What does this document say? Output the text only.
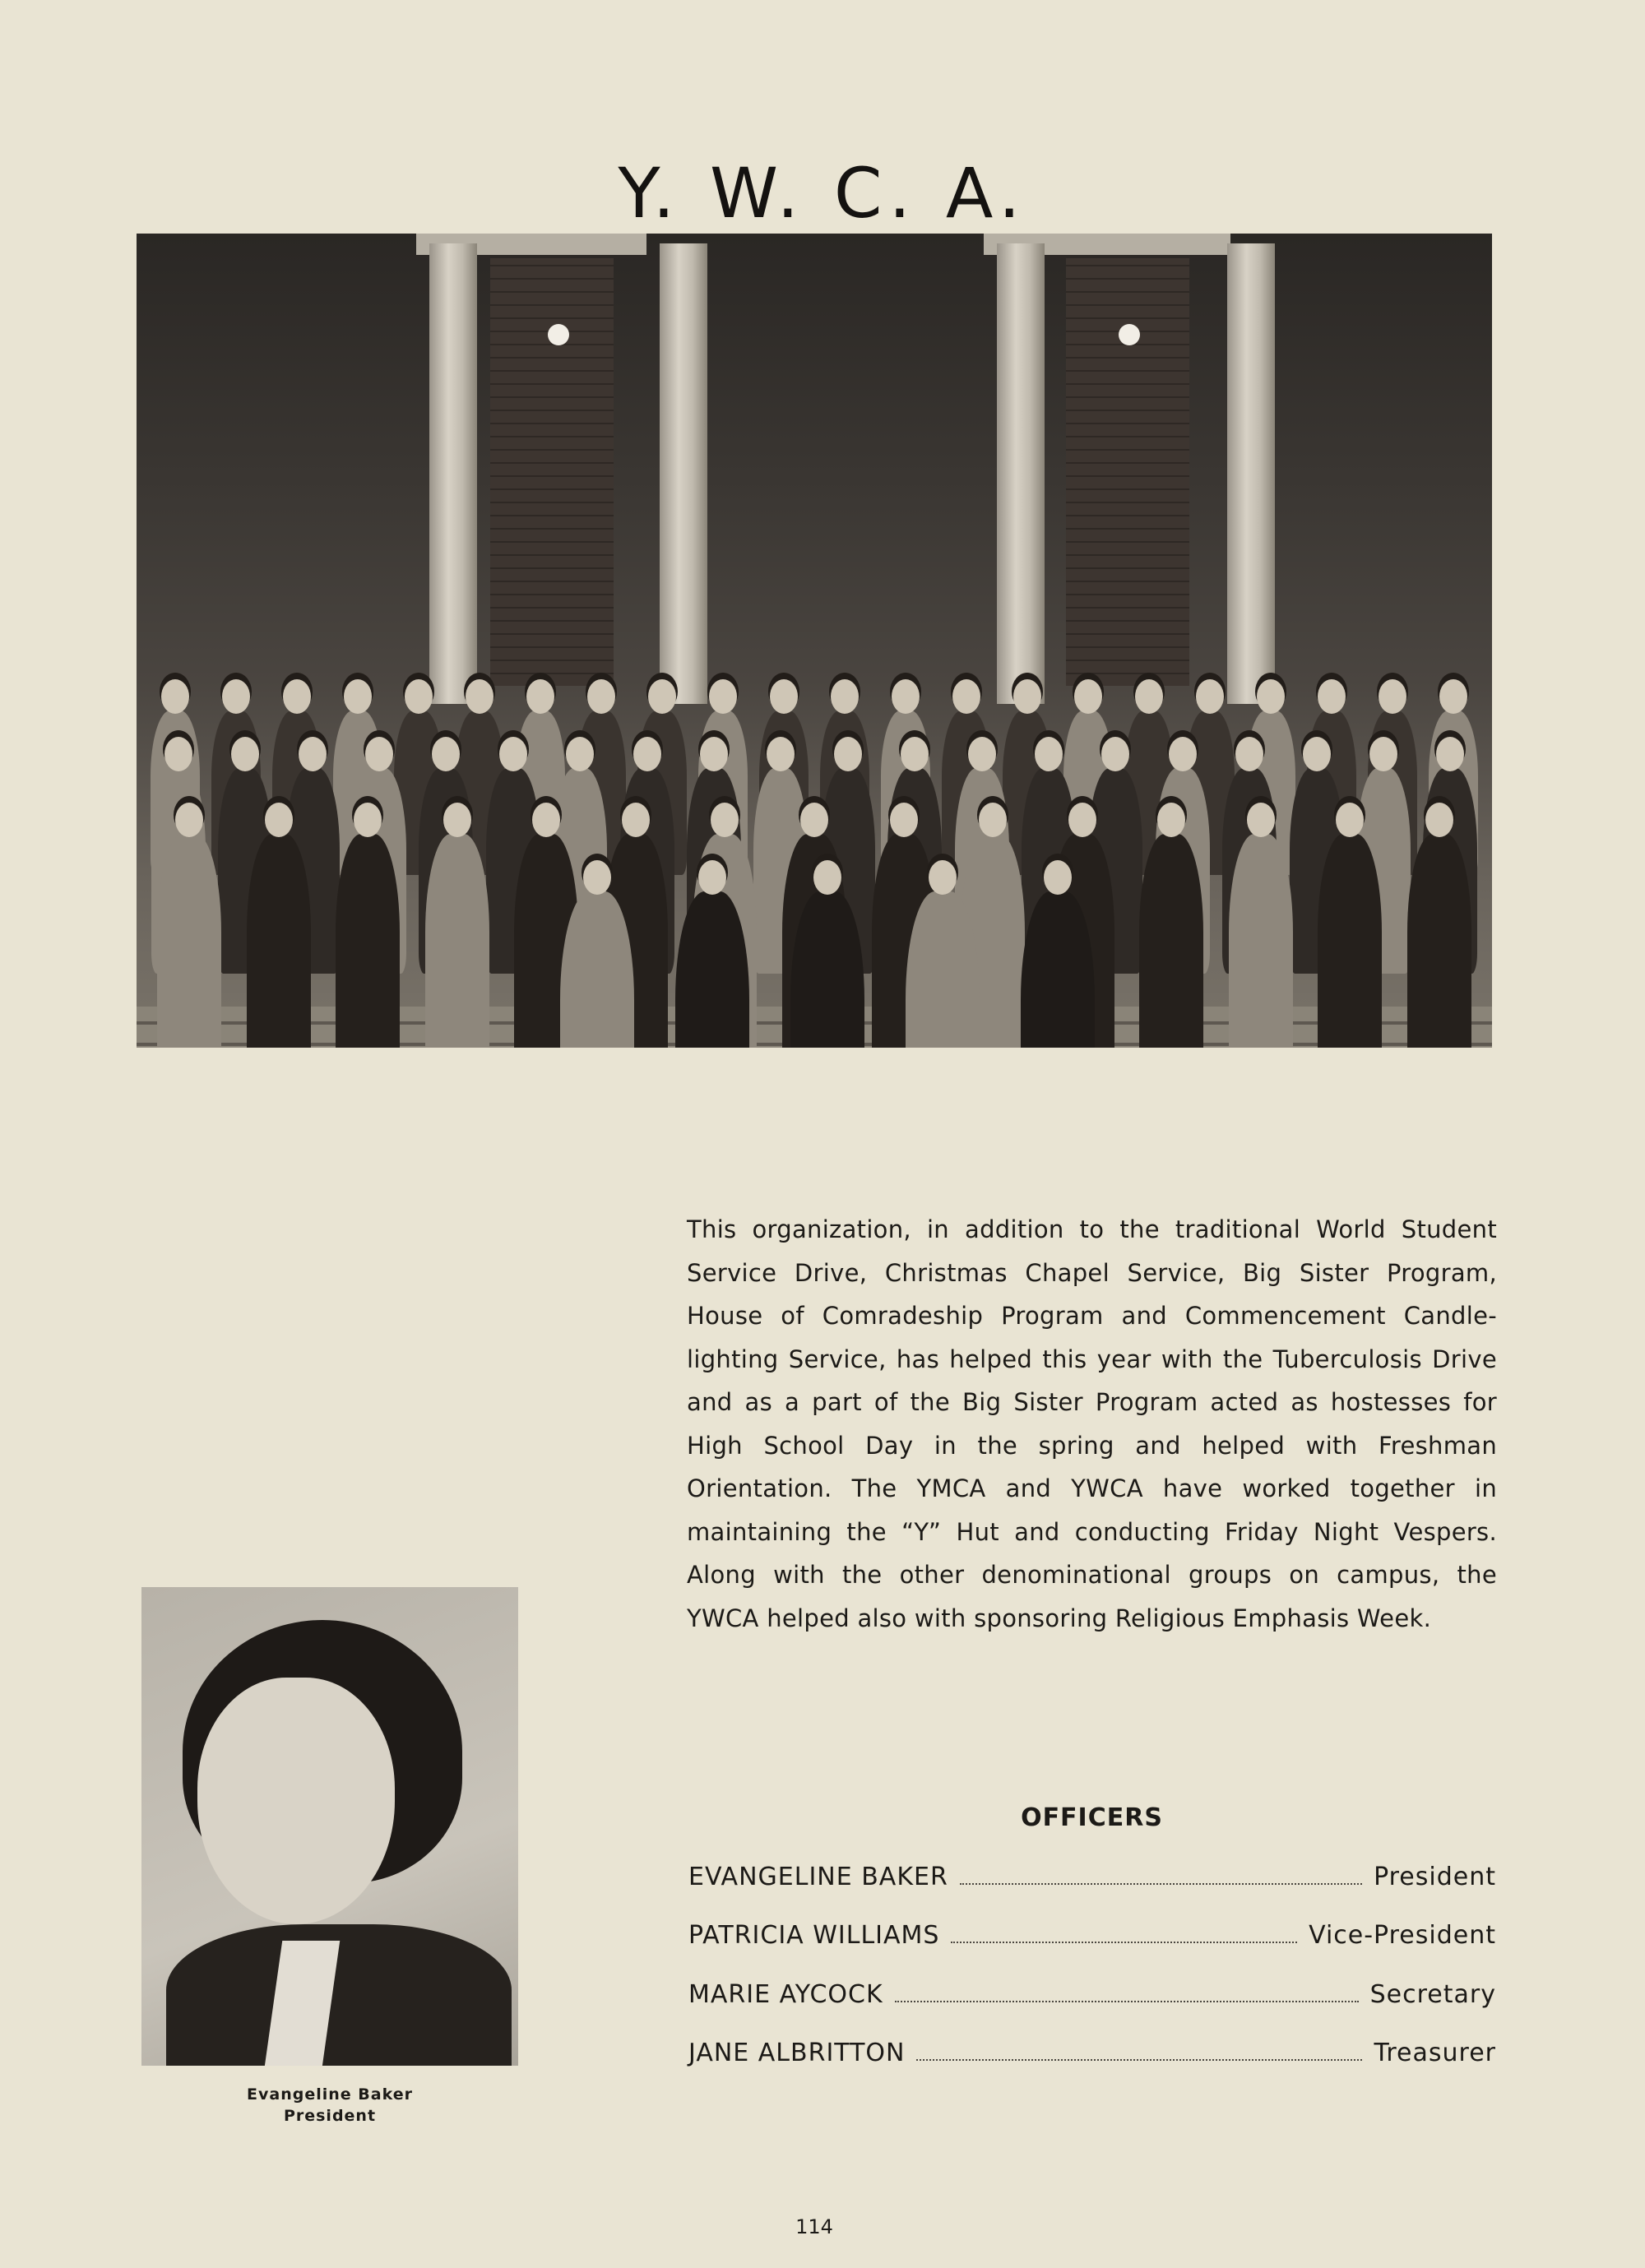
Y. W. C. A.

This organization, in addition to the traditional World Student Service Drive, Christmas Chapel Service, Big Sister Program, House of Comradeship Program and Commencement Candle-lighting Service, has helped this year with the Tuberculosis Drive and as a part of the Big Sister Program acted as hostesses for High School Day in the spring and helped with Freshman Orientation. The YMCA and YWCA have worked together in maintaining the “Y” Hut and conducting Friday Night Vespers. Along with the other denominational groups on campus, the YWCA helped also with sponsoring Religious Emphasis Week.

Evangeline Baker
President
OFFICERS
EVANGELINE BAKER	President
PATRICIA WILLIAMS	Vice-President
MARIE AYCOCK	Secretary
JANE ALBRITTON	Treasurer
114
